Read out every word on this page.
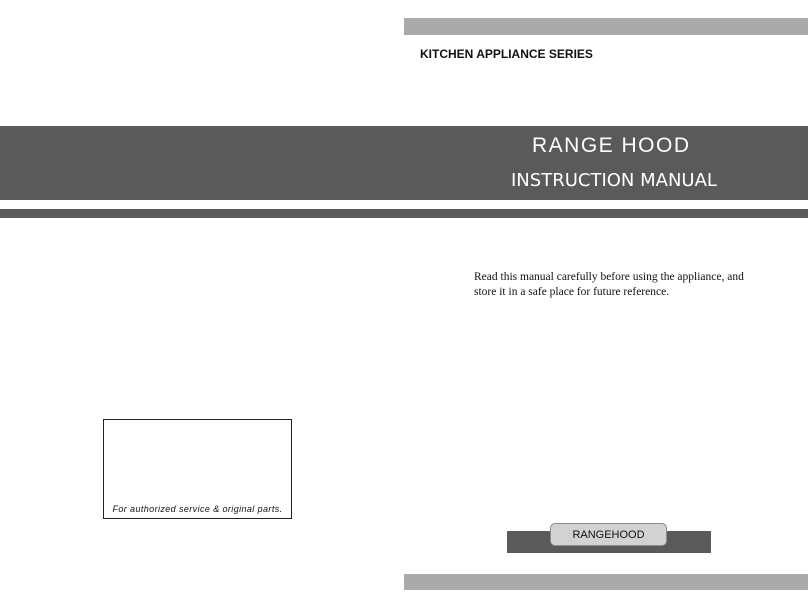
KITCHEN APPLIANCE SERIES
RANGE HOOD
INSTRUCTION MANUAL
Read this manual carefully before using the appliance, and
store it in a safe place for future reference.
For authorized service & original parts.
RANGEHOOD
